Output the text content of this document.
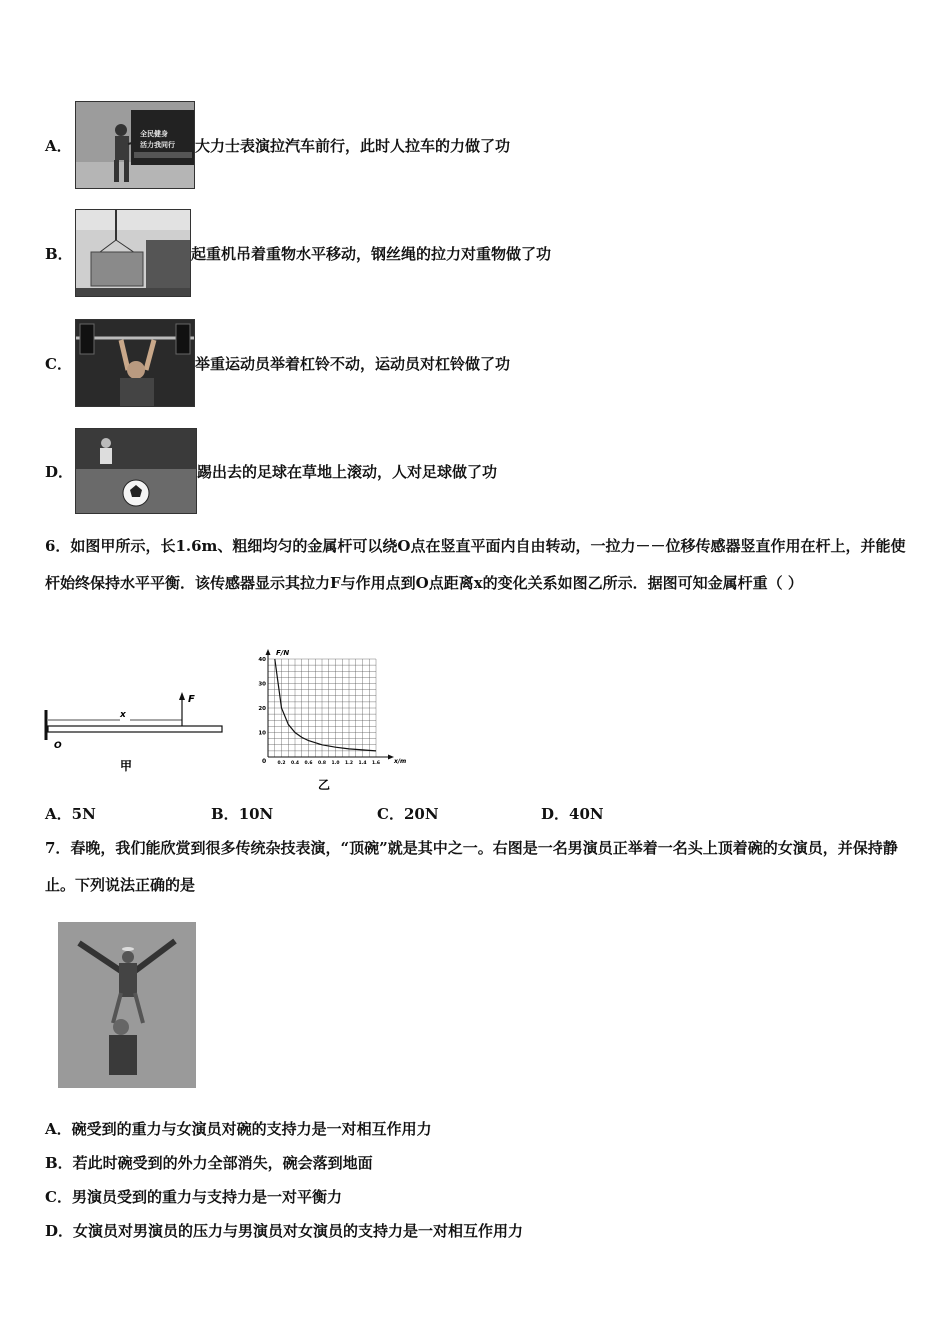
A．
全民健身
活力我同行 大力士表演拉汽车前行，此时人拉车的力做了功
B．	起重机吊着重物水平移动，钢丝绳的拉力对重物做了功
C．	举重运动员举着杠铃不动，运动员对杠铃做了功
D．	踢出去的足球在草地上滚动，人对足球做了功
6．如图甲所示，长1.6m、粗细均匀的金属杆可以绕O点在竖直平面内自由转动，一拉力－－位移传感器竖直作用在杆上，并能使杆始终保持水平平衡．该传感器显示其拉力F与作用点到O点距离x的变化关系如图乙所示．据图可知金属杆重（ ）
O
x
F
甲
40
30
20
10
0.2 0.4 0.6 0.8 1.0 1.2 1.4 1.6
F/N
x/m
0
乙
A．5N	B．10N	C．20N	D．40N
7．春晚，我们能欣赏到很多传统杂技表演，“顶碗”就是其中之一。右图是一名男演员正举着一名头上顶着碗的女演员，并保持静止。下列说法正确的是
A．碗受到的重力与女演员对碗的支持力是一对相互作用力
B．若此时碗受到的外力全部消失，碗会落到地面
C．男演员受到的重力与支持力是一对平衡力
D．女演员对男演员的压力与男演员对女演员的支持力是一对相互作用力
